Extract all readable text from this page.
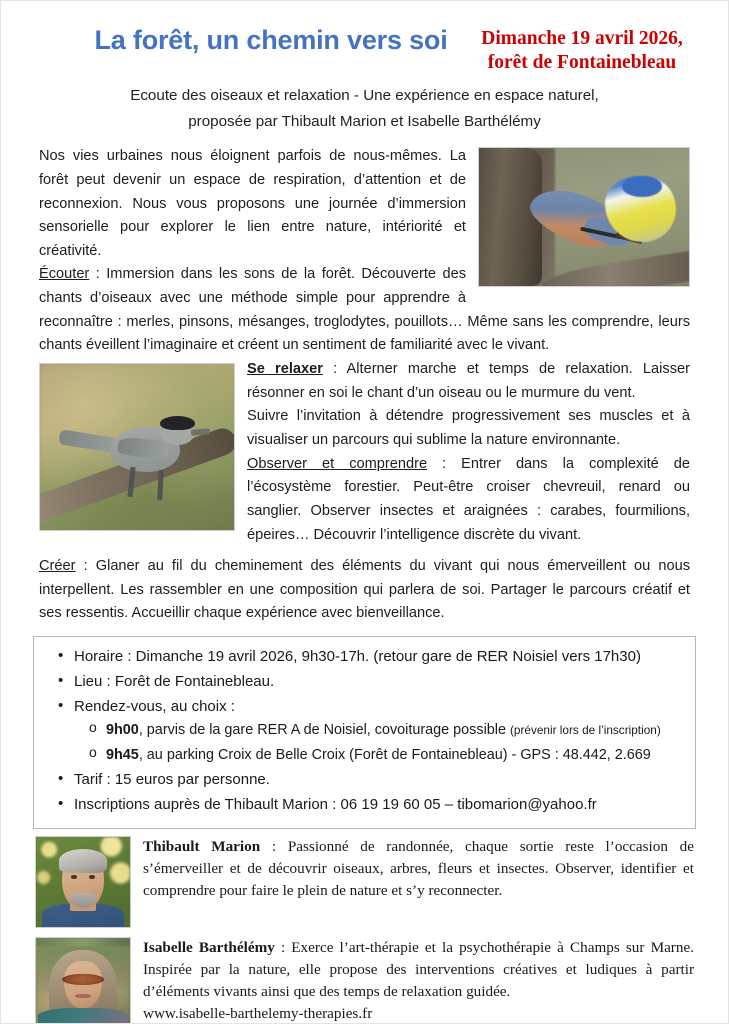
La forêt, un chemin vers soi	Dimanche 19 avril 2026,
forêt de Fontainebleau
Ecoute des oiseaux et relaxation - Une expérience en espace naturel,
proposée par Thibault Marion et Isabelle Barthélémy

Nos vies urbaines nous éloignent parfois de nous-mêmes. La forêt peut devenir un espace de respiration, d’attention et de reconnexion. Nous vous proposons une journée d’immersion sensorielle pour explorer le lien entre nature, intériorité et créativité.

Écouter : Immersion dans les sons de la forêt. Découverte des chants d’oiseaux avec une méthode simple pour apprendre à reconnaître : merles, pinsons, mésanges, troglodytes, pouillots… Même sans les comprendre, leurs chants éveillent l’imaginaire et créent un sentiment de familiarité avec le vivant.

Se relaxer : Alterner marche et temps de relaxation. Laisser résonner en soi le chant d’un oiseau ou le murmure du vent.

Suivre l’invitation à détendre progressivement ses muscles et à visualiser un parcours qui sublime la nature environnante.

Observer et comprendre : Entrer dans la complexité de l’écosystème forestier. Peut-être croiser chevreuil, renard ou sanglier. Observer insectes et araignées : carabes, fourmilions, épeires… Découvrir l’intelligence discrète du vivant.

Créer : Glaner au fil du cheminement des éléments du vivant qui nous émerveillent ou nous interpellent. Les rassembler en une composition qui parlera de soi. Partager le parcours créatif et ses ressentis. Accueillir chaque expérience avec bienveillance.

• Horaire : Dimanche 19 avril 2026, 9h30-17h. (retour gare de RER Noisiel vers 17h30)
• Lieu : Forêt de Fontainebleau.
• Rendez-vous, au choix :
o 9h00, parvis de la gare RER A de Noisiel, covoiturage possible (prévenir lors de l’inscription)
o 9h45, au parking Croix de Belle Croix (Forêt de Fontainebleau) - GPS : 48.442, 2.669
• Tarif : 15 euros par personne.
• Inscriptions auprès de Thibault Marion : 06 19 19 60 05 – tibomarion@yahoo.fr
Thibault Marion : Passionné de randonnée, chaque sortie reste l’occasion de s’émerveiller et de découvrir oiseaux, arbres, fleurs et insectes. Observer, identifier et comprendre pour faire le plein de nature et s’y reconnecter.
Isabelle Barthélémy : Exerce l’art-thérapie et la psychothérapie à Champs sur Marne. Inspirée par la nature, elle propose des interventions créatives et ludiques à partir d’éléments vivants ainsi que des temps de relaxation guidée.
www.isabelle-barthelemy-therapies.fr
